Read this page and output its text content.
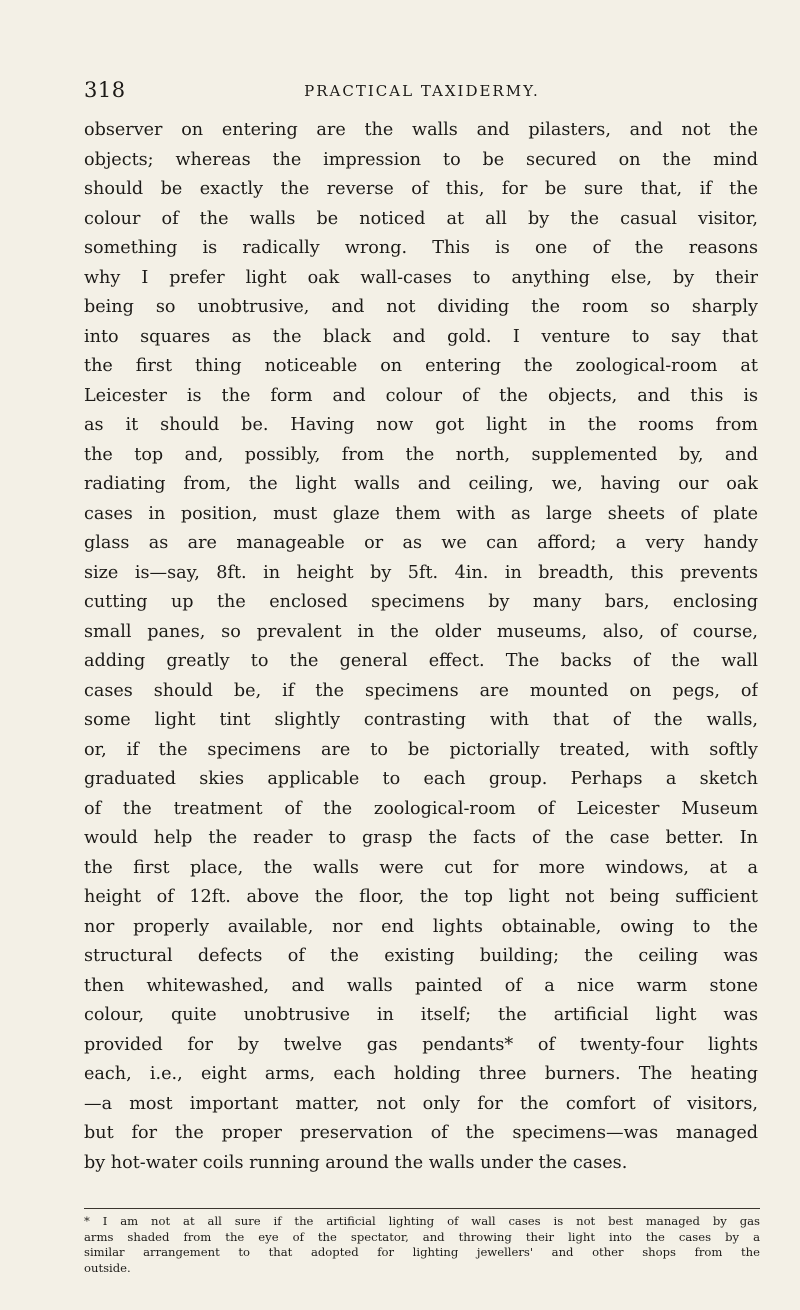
318	PRACTICAL TAXIDERMY.
observer on entering are the walls and pilasters, and not the
objects; whereas the impression to be secured on the mind
should be exactly the reverse of this, for be sure that, if the
colour of the walls be noticed at all by the casual visitor,
something is radically wrong. This is one of the reasons
why I prefer light oak wall-cases to anything else, by their
being so unobtrusive, and not dividing the room so sharply
into squares as the black and gold. I venture to say that
the first thing noticeable on entering the zoological-room at
Leicester is the form and colour of the objects, and this is
as it should be. Having now got light in the rooms from
the top and, possibly, from the north, supplemented by, and
radiating from, the light walls and ceiling, we, having our oak
cases in position, must glaze them with as large sheets of plate
glass as are manageable or as we can afford; a very handy
size is—say, 8ft. in height by 5ft. 4in. in breadth, this prevents
cutting up the enclosed specimens by many bars, enclosing
small panes, so prevalent in the older museums, also, of course,
adding greatly to the general effect. The backs of the wall
cases should be, if the specimens are mounted on pegs, of
some light tint slightly contrasting with that of the walls,
or, if the specimens are to be pictorially treated, with softly
graduated skies applicable to each group. Perhaps a sketch
of the treatment of the zoological-room of Leicester Museum
would help the reader to grasp the facts of the case better. In
the first place, the walls were cut for more windows, at a
height of 12ft. above the floor, the top light not being sufficient
nor properly available, nor end lights obtainable, owing to the
structural defects of the existing building; the ceiling was
then whitewashed, and walls painted of a nice warm stone
colour, quite unobtrusive in itself; the artificial light was
provided for by twelve gas pendants* of twenty-four lights
each, i.e., eight arms, each holding three burners. The heating
—a most important matter, not only for the comfort of visitors,
but for the proper preservation of the specimens—was managed
by hot-water coils running around the walls under the cases.
* I am not at all sure if the artificial lighting of wall cases is not best managed by gas
arms shaded from the eye of the spectator, and throwing their light into the cases by a
similar arrangement to that adopted for lighting jewellers' and other shops from the
outside.
